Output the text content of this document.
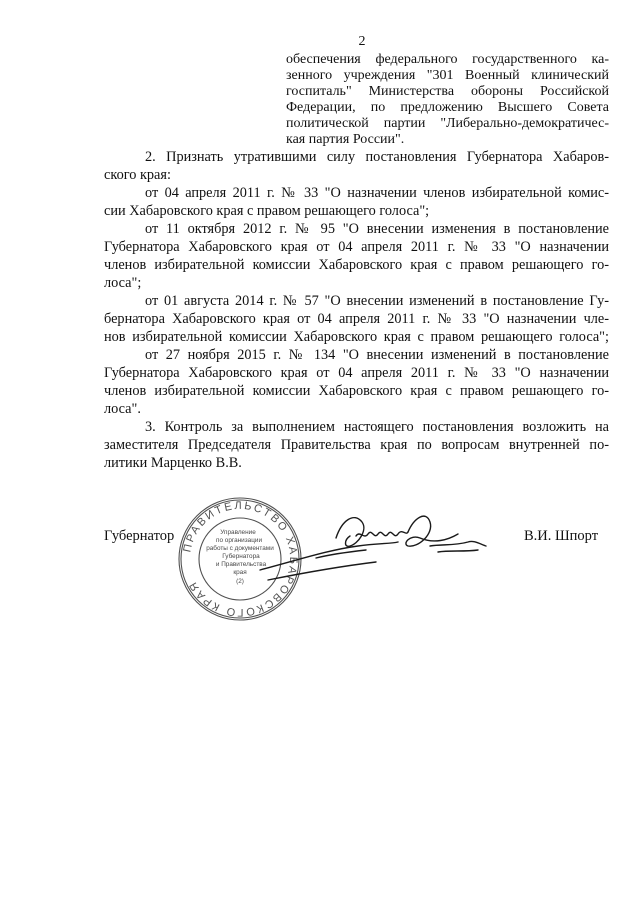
2
обеспечения федерального государственного ка-
зенного учреждения "301 Военный клинический
госпиталь" Министерства обороны Российской
Федерации, по предложению Высшего Совета
политической партии "Либерально-демократичес-
кая партия России".
2. Признать утратившими силу постановления Губернатора Хабаров-
ского края:
от 04 апреля 2011 г. № 33 "О назначении членов избирательной комис-
сии Хабаровского края с правом решающего голоса";
от 11 октября 2012 г. № 95 "О внесении изменения в постановление
Губернатора Хабаровского края от 04 апреля 2011 г. № 33 "О назначении
членов избирательной комиссии Хабаровского края с правом решающего го-
лоса";
от 01 августа 2014 г. № 57 "О внесении изменений в постановление Гу-
бернатора Хабаровского края от 04 апреля 2011 г. № 33 "О назначении чле-
нов избирательной комиссии Хабаровского края с правом решающего голоса";
от 27 ноября 2015 г. № 134 "О внесении изменений в постановление
Губернатора Хабаровского края от 04 апреля 2011 г. № 33 "О назначении
членов избирательной комиссии Хабаровского края с правом решающего го-
лоса".
3. Контроль за выполнением настоящего постановления возложить на
заместителя Председателя Правительства края по вопросам внутренней по-
литики Марценко В.В.
Губернатор	В.И. Шпорт
ПРАВИТЕЛЬСТВО ХАБАРОВСКОГО КРАЯ
Управление
по организации
работы с документами
Губернатора
и Правительства
края
(2)
